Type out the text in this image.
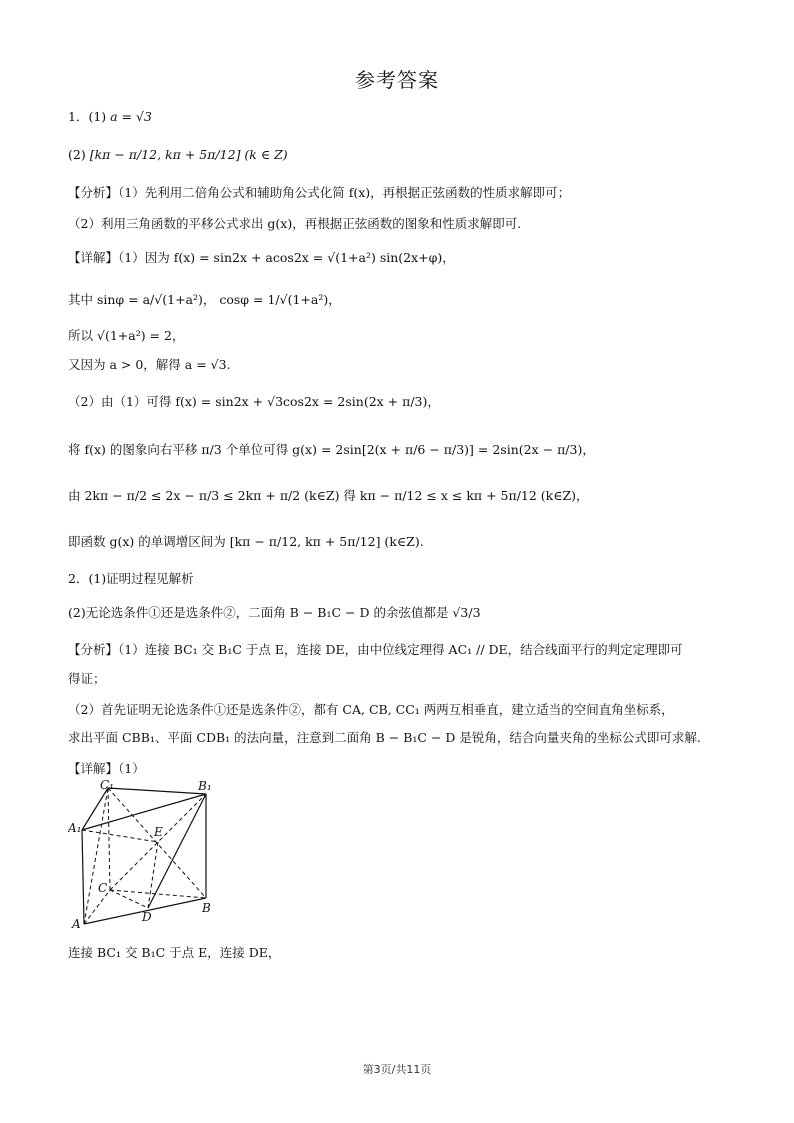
参考答案
1．(1) a = √3
(2) [kπ − π/12, kπ + 5π/12] (k ∈ Z)
【分析】（1）先利用二倍角公式和辅助角公式化简 f(x)，再根据正弦函数的性质求解即可；
（2）利用三角函数的平移公式求出 g(x)，再根据正弦函数的图象和性质求解即可.
【详解】（1）因为 f(x) = sin2x + acos2x = √(1+a²) sin(2x+φ)，
其中 sinφ = a/√(1+a²)， cosφ = 1/√(1+a²)，
所以 √(1+a²) = 2，
又因为 a > 0，解得 a = √3.
（2）由（1）可得 f(x) = sin2x + √3cos2x = 2sin(2x + π/3)，
将 f(x) 的图象向右平移 π/3 个单位可得 g(x) = 2sin[2(x + π/6 − π/3)] = 2sin(2x − π/3)，
由 2kπ − π/2 ≤ 2x − π/3 ≤ 2kπ + π/2 (k∈Z) 得 kπ − π/12 ≤ x ≤ kπ + 5π/12 (k∈Z)，
即函数 g(x) 的单调增区间为 [kπ − π/12, kπ + 5π/12] (k∈Z).
2．(1)证明过程见解析
(2)无论选条件①还是选条件②，二面角 B − B₁C − D 的余弦值都是 √3/3
【分析】（1）连接 BC₁ 交 B₁C 于点 E，连接 DE，由中位线定理得 AC₁ // DE，结合线面平行的判定定理即可
得证；
（2）首先证明无论选条件①还是选条件②，都有 CA, CB, CC₁ 两两互相垂直，建立适当的空间直角坐标系，
求出平面 CBB₁、平面 CDB₁ 的法向量，注意到二面角 B − B₁C − D 是锐角，结合向量夹角的坐标公式即可求解.
【详解】（1）
C₁	B₁
A₁	E
C
B
A	D
连接 BC₁ 交 B₁C 于点 E，连接 DE，
第3页/共11页
